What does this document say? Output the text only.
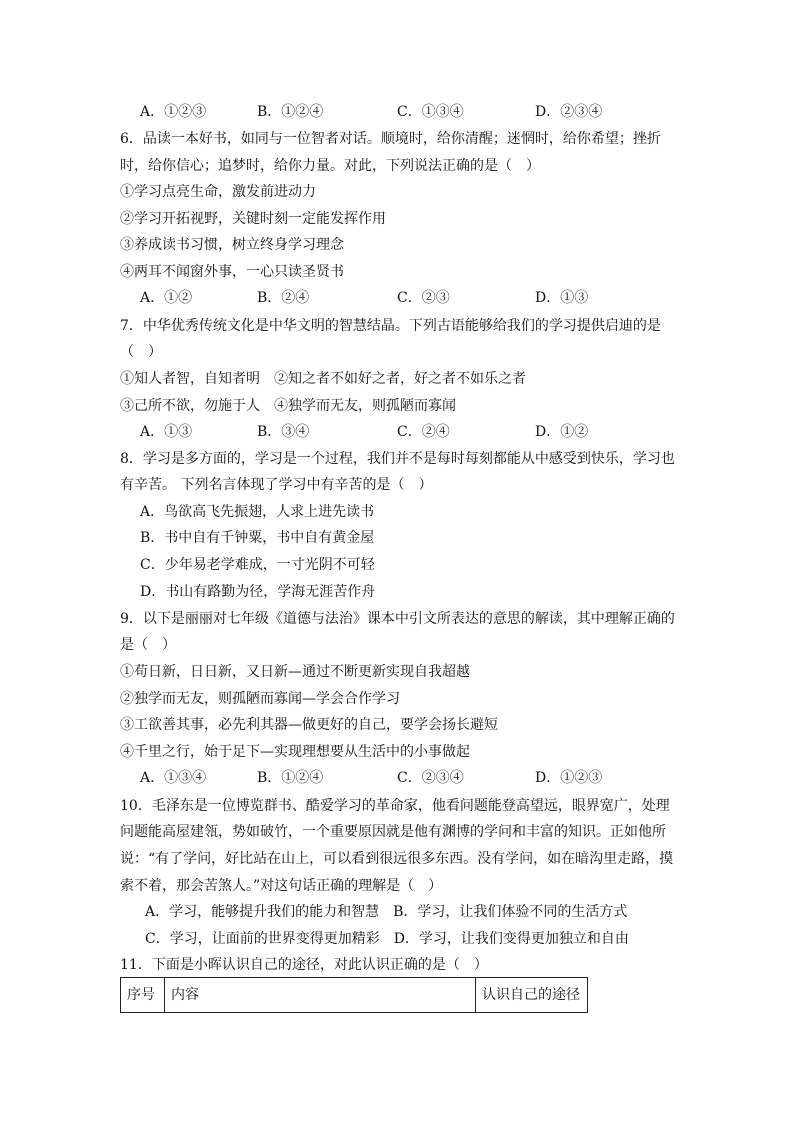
A．①②③	B．①②④	C．①③④	D．②③④
6．品读一本好书，如同与一位智者对话。顺境时，给你清醒；迷惘时，给你希望；挫折
时，给你信心；追梦时，给你力量。对此，下列说法正确的是（　）
①学习点亮生命，激发前进动力
②学习开拓视野，关键时刻一定能发挥作用
③养成读书习惯，树立终身学习理念
④两耳不闻窗外事，一心只读圣贤书
A．①②	B．②④	C．②③	D．①③
7．中华优秀传统文化是中华文明的智慧结晶。下列古语能够给我们的学习提供启迪的是
（　）
①知人者智，自知者明　②知之者不如好之者，好之者不如乐之者
③己所不欲，勿施于人　④独学而无友，则孤陋而寡闻
A．①③	B．③④	C．②④	D．①②
8．学习是多方面的，学习是一个过程，我们并不是每时每刻都能从中感受到快乐，学习也
有辛苦。 下列名言体现了学习中有辛苦的是（　）
A．鸟欲高飞先振翅，人求上进先读书
B．书中自有千钟粟，书中自有黄金屋
C．少年易老学难成，一寸光阴不可轻
D．书山有路勤为径，学海无涯苦作舟
9．以下是丽丽对七年级《道德与法治》课本中引文所表达的意思的解读，其中理解正确的
是（　）
①苟日新，日日新，又日新—通过不断更新实现自我超越
②独学而无友，则孤陋而寡闻—学会合作学习
③工欲善其事，必先利其器—做更好的自己，要学会扬长避短
④千里之行，始于足下—实现理想要从生活中的小事做起
A．①③④	B．①②④	C．②③④	D．①②③
10．毛泽东是一位博览群书、酷爱学习的革命家，他看问题能登高望远，眼界宽广，处理
问题能高屋建瓴，势如破竹，一个重要原因就是他有渊博的学问和丰富的知识。正如他所
说：“有了学问，好比站在山上，可以看到很远很多东西。没有学问，如在暗沟里走路，摸
索不着，那会苦煞人。”对这句话正确的理解是（　）
A．学习，能够提升我们的能力和智慧　B．学习，让我们体验不同的生活方式
C．学习，让面前的世界变得更加精彩　D．学习，让我们变得更加独立和自由
11．下面是小晖认识自己的途径，对此认识正确的是（　）
序号 内容	认识自己的途径
